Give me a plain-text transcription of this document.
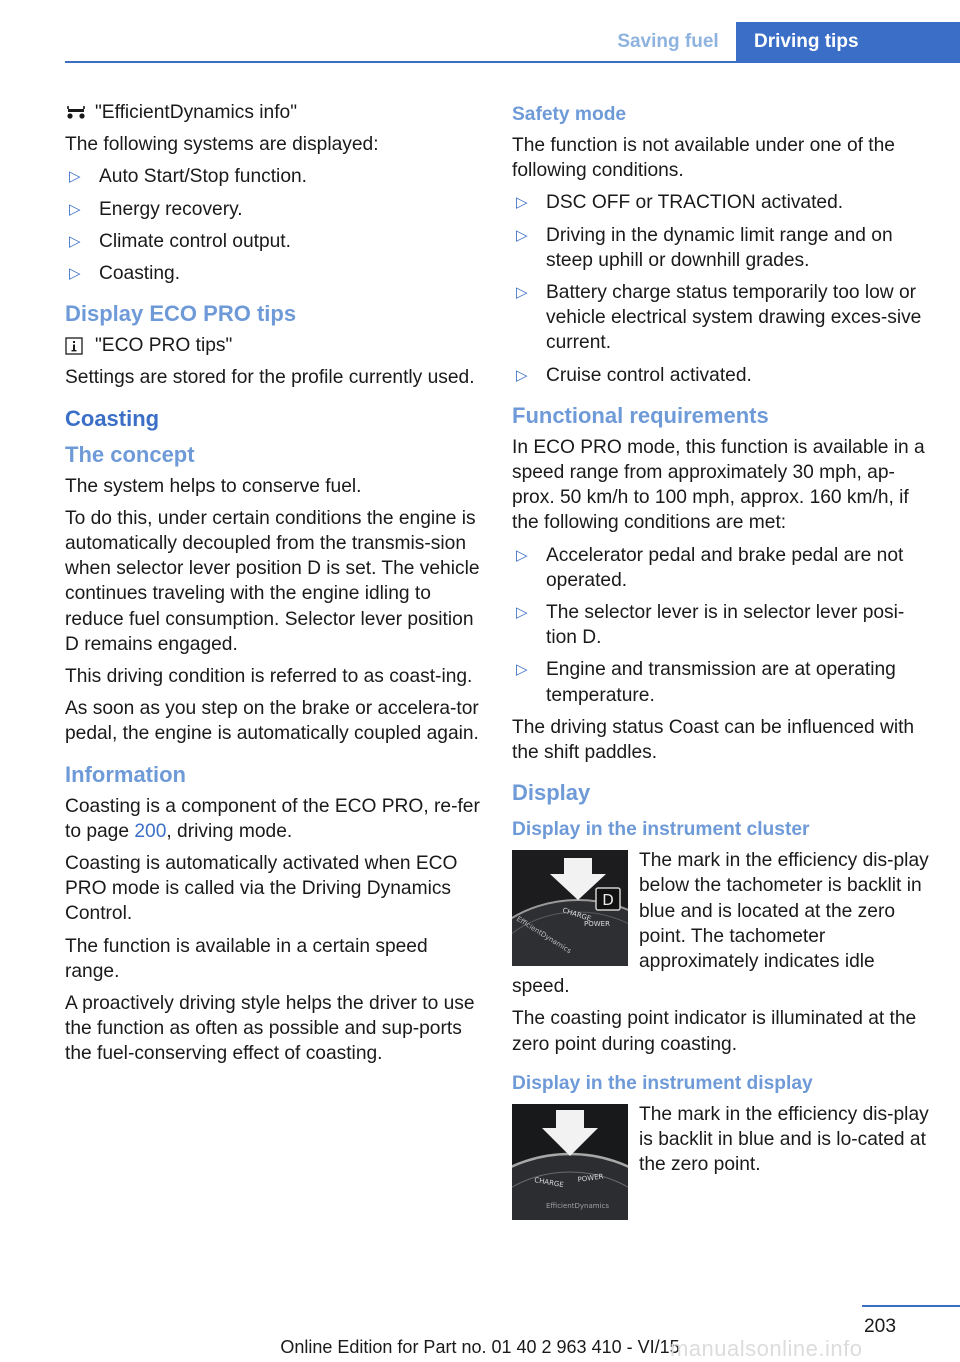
Saving fuel	Driving tips
"EfficientDynamics info"

The following systems are displayed:

▷ Auto Start/Stop function.
▷ Energy recovery.
▷ Climate control output.
▷ Coasting.
Display ECO PRO tips
"ECO PRO tips"

Settings are stored for the profile currently used.

Coasting
The concept

The system helps to conserve fuel.

To do this, under certain conditions the engine is automatically decoupled from the transmis-sion when selector lever position D is set. The vehicle continues traveling with the engine idling to reduce fuel consumption. Selector lever position D remains engaged.

This driving condition is referred to as coast-ing.

As soon as you step on the brake or accelera-tor pedal, the engine is automatically coupled again.

Information

Coasting is a component of the ECO PRO, re-fer to page 200, driving mode.

Coasting is automatically activated when ECO PRO mode is called via the Driving Dynamics Control.

The function is available in a certain speed range.

A proactively driving style helps the driver to use the function as often as possible and sup-ports the fuel-conserving effect of coasting.

Safety mode

The function is not available under one of the following conditions.

▷ DSC OFF or TRACTION activated.
▷ Driving in the dynamic limit range and on steep uphill or downhill grades.
▷ Battery charge status temporarily too low or vehicle electrical system drawing exces-sive current.
▷ Cruise control activated.
Functional requirements

In ECO PRO mode, this function is available in a speed range from approximately 30 mph, ap-prox. 50 km/h to 100 mph, approx. 160 km/h, if the following conditions are met:

▷ Accelerator pedal and brake pedal are not operated.
▷ The selector lever is in selector lever posi-tion D.
▷ Engine and transmission are at operating temperature.

The driving status Coast can be influenced with the shift paddles.

Display
Display in the instrument cluster
D
CHARGE
POWER
EfficientDynamics

The mark in the efficiency dis-play below the tachometer is backlit in blue and is located at the zero point. The tachometer approximately indicates idle speed.

The coasting point indicator is illuminated at the zero point during coasting.

Display in the instrument display
CHARGE POWER
EfficientDynamics

The mark in the efficiency dis-play is backlit in blue and is lo-cated at the zero point.

203
Online Edition for Part no. 01 40 2 963 410 - VI/15
manualsonline.info
